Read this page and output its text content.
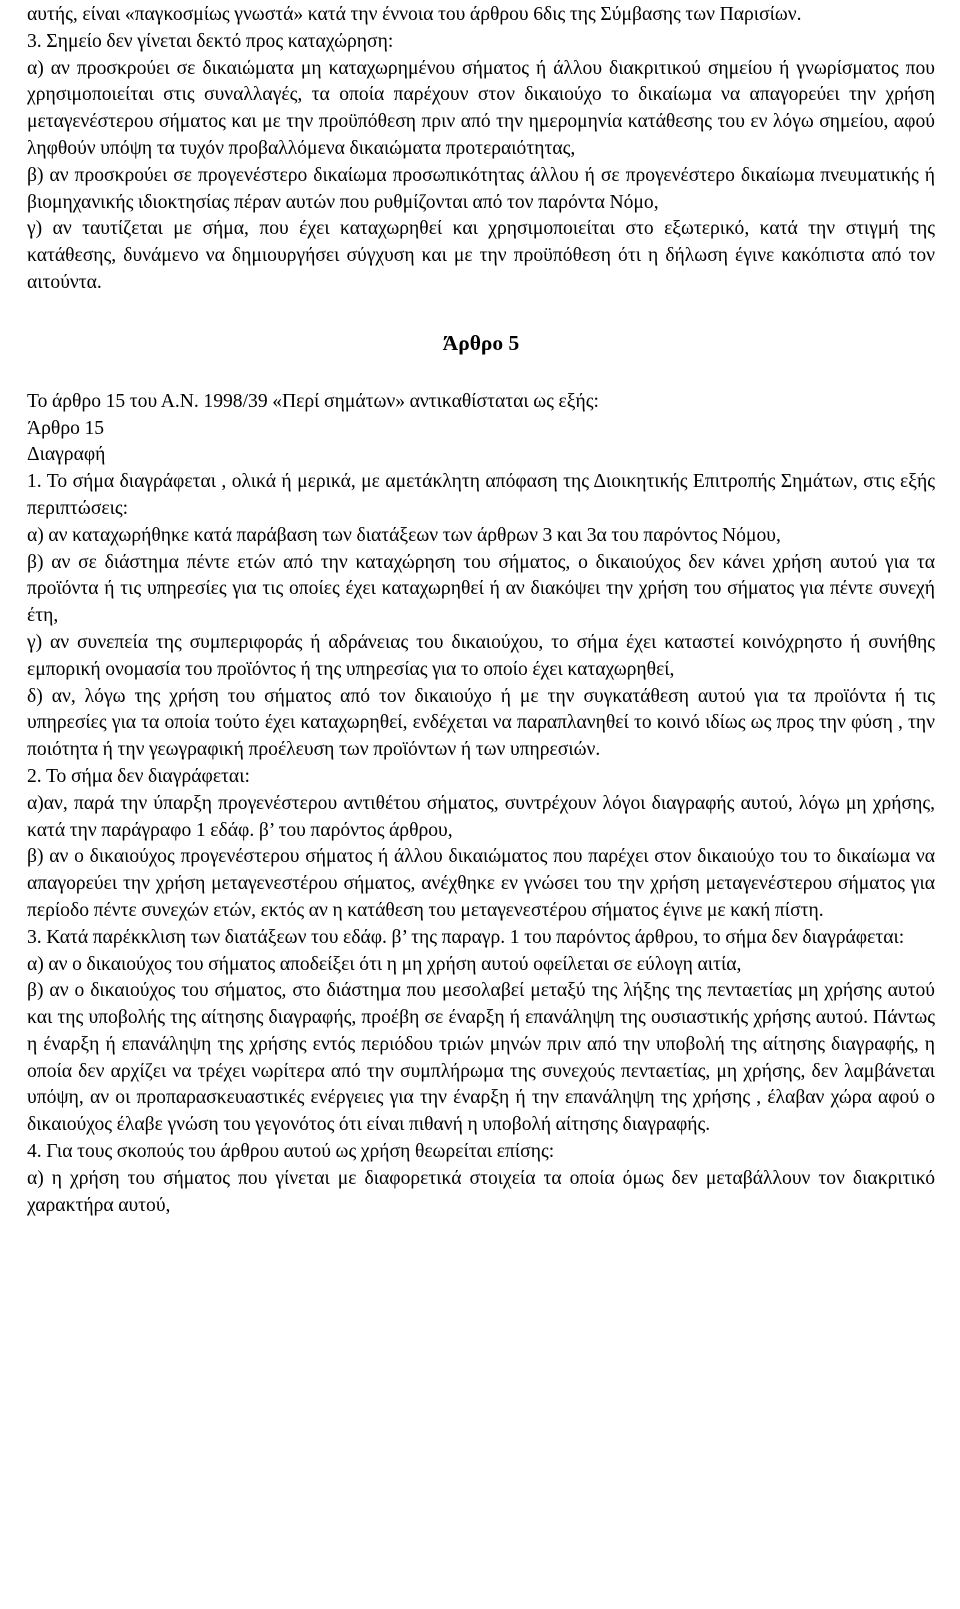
αυτής, είναι «παγκοσμίως γνωστά» κατά την έννοια του άρθρου 6δις της Σύμβασης των Παρισίων.

3. Σημείο δεν γίνεται δεκτό προς καταχώρηση:

α) αν προσκρούει σε δικαιώματα μη καταχωρημένου σήματος ή άλλου διακριτικού σημείου ή γνωρίσματος που χρησιμοποιείται στις συναλλαγές, τα οποία παρέχουν στον δικαιούχο το δικαίωμα να απαγορεύει την χρήση μεταγενέστερου σήματος και με την προϋπόθεση πριν από την ημερομηνία κατάθεσης του εν λόγω σημείου, αφού ληφθούν υπόψη τα τυχόν προβαλλόμενα δικαιώματα προτεραιότητας,

β) αν προσκρούει σε προγενέστερο δικαίωμα προσωπικότητας άλλου ή σε προγενέστερο δικαίωμα πνευματικής ή βιομηχανικής ιδιοκτησίας πέραν αυτών που ρυθμίζονται από τον παρόντα Νόμο,

γ) αν ταυτίζεται με σήμα, που έχει καταχωρηθεί και χρησιμοποιείται στο εξωτερικό, κατά την στιγμή της κατάθεσης, δυνάμενο να δημιουργήσει σύγχυση και με την προϋπόθεση ότι η δήλωση έγινε κακόπιστα από τον αιτούντα.

Άρθρο 5

Το άρθρο 15 του Α.Ν. 1998/39 «Περί σημάτων» αντικαθίσταται ως εξής:

Άρθρο 15

Διαγραφή

1. Το σήμα διαγράφεται , ολικά ή μερικά, με αμετάκλητη απόφαση της Διοικητικής Επιτροπής Σημάτων, στις εξής περιπτώσεις:

α) αν καταχωρήθηκε κατά παράβαση των διατάξεων των άρθρων 3 και 3α του παρόντος Νόμου,

β) αν σε διάστημα πέντε ετών από την καταχώρηση του σήματος, ο δικαιούχος δεν κάνει χρήση αυτού για τα προϊόντα ή τις υπηρεσίες για τις οποίες έχει καταχωρηθεί ή αν διακόψει την χρήση του σήματος για πέντε συνεχή έτη,

γ) αν συνεπεία της συμπεριφοράς ή αδράνειας του δικαιούχου, το σήμα έχει καταστεί κοινόχρηστο ή συνήθης εμπορική ονομασία του προϊόντος ή της υπηρεσίας για το οποίο έχει καταχωρηθεί,

δ) αν, λόγω της χρήση του σήματος από τον δικαιούχο ή με την συγκατάθεση αυτού για τα προϊόντα ή τις υπηρεσίες για τα οποία τούτο έχει καταχωρηθεί, ενδέχεται να παραπλανηθεί το κοινό ιδίως ως προς την φύση , την ποιότητα ή την γεωγραφική προέλευση των προϊόντων ή των υπηρεσιών.

2. Το σήμα δεν διαγράφεται:

α)αν, παρά την ύπαρξη προγενέστερου αντιθέτου σήματος, συντρέχουν λόγοι διαγραφής αυτού, λόγω μη χρήσης, κατά την παράγραφο 1 εδάφ. β’ του παρόντος άρθρου,

β) αν ο δικαιούχος προγενέστερου σήματος ή άλλου δικαιώματος που παρέχει στον δικαιούχο του το δικαίωμα να απαγορεύει την χρήση μεταγενεστέρου σήματος, ανέχθηκε εν γνώσει του την χρήση μεταγενέστερου σήματος για περίοδο πέντε συνεχών ετών, εκτός αν η κατάθεση του μεταγενεστέρου σήματος έγινε με κακή πίστη.

3. Κατά παρέκκλιση των διατάξεων του εδάφ. β’ της παραγρ. 1 του παρόντος άρθρου, το σήμα δεν διαγράφεται:

α) αν ο δικαιούχος του σήματος αποδείξει ότι η μη χρήση αυτού οφείλεται σε εύλογη αιτία,

β) αν ο δικαιούχος του σήματος, στο διάστημα που μεσολαβεί μεταξύ της λήξης της πενταετίας μη χρήσης αυτού και της υποβολής της αίτησης διαγραφής, προέβη σε έναρξη ή επανάληψη της ουσιαστικής χρήσης αυτού. Πάντως η έναρξη ή επανάληψη της χρήσης εντός περιόδου τριών μηνών πριν από την υποβολή της αίτησης διαγραφής, η οποία δεν αρχίζει να τρέχει νωρίτερα από την συμπλήρωμα της συνεχούς πενταετίας, μη χρήσης, δεν λαμβάνεται υπόψη, αν οι προπαρασκευαστικές ενέργειες για την έναρξη ή την επανάληψη της χρήσης , έλαβαν χώρα αφού ο δικαιούχος έλαβε γνώση του γεγονότος ότι είναι πιθανή η υποβολή αίτησης διαγραφής.

4. Για τους σκοπούς του άρθρου αυτού ως χρήση θεωρείται επίσης:

α) η χρήση του σήματος που γίνεται με διαφορετικά στοιχεία τα οποία όμως δεν μεταβάλλουν τον διακριτικό χαρακτήρα αυτού,
